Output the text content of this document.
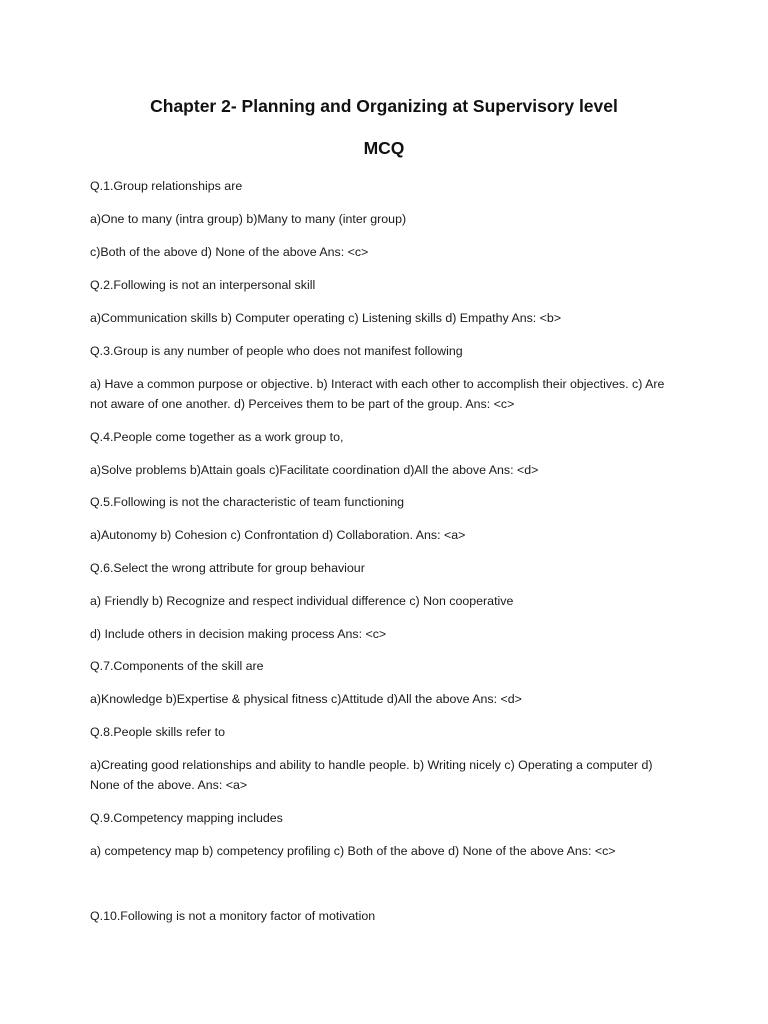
Chapter 2- Planning and Organizing at Supervisory level
MCQ

Q.1.Group relationships are

a)One to many (intra group) b)Many to many (inter group)

c)Both of the above d) None of the above Ans: <c>

Q.2.Following is not an interpersonal skill

a)Communication skills b) Computer operating c) Listening skills d) Empathy Ans: <b>

Q.3.Group is any number of people who does not manifest following

a) Have a common purpose or objective. b) Interact with each other to accomplish their objectives. c) Are not aware of one another. d) Perceives them to be part of the group. Ans: <c>

Q.4.People come together as a work group to,

a)Solve problems b)Attain goals c)Facilitate coordination d)All the above Ans: <d>

Q.5.Following is not the characteristic of team functioning

a)Autonomy b) Cohesion c) Confrontation d) Collaboration. Ans: <a>

Q.6.Select the wrong attribute for group behaviour

a) Friendly b) Recognize and respect individual difference c) Non cooperative

d) Include others in decision making process Ans: <c>

Q.7.Components of the skill are

a)Knowledge b)Expertise & physical fitness c)Attitude d)All the above Ans: <d>

Q.8.People skills refer to

a)Creating good relationships and ability to handle people. b) Writing nicely c) Operating a computer d) None of the above. Ans: <a>

Q.9.Competency mapping includes

a) competency map b) competency profiling c) Both of the above d) None of the above Ans: <c>

Q.10.Following is not a monitory factor of motivation
